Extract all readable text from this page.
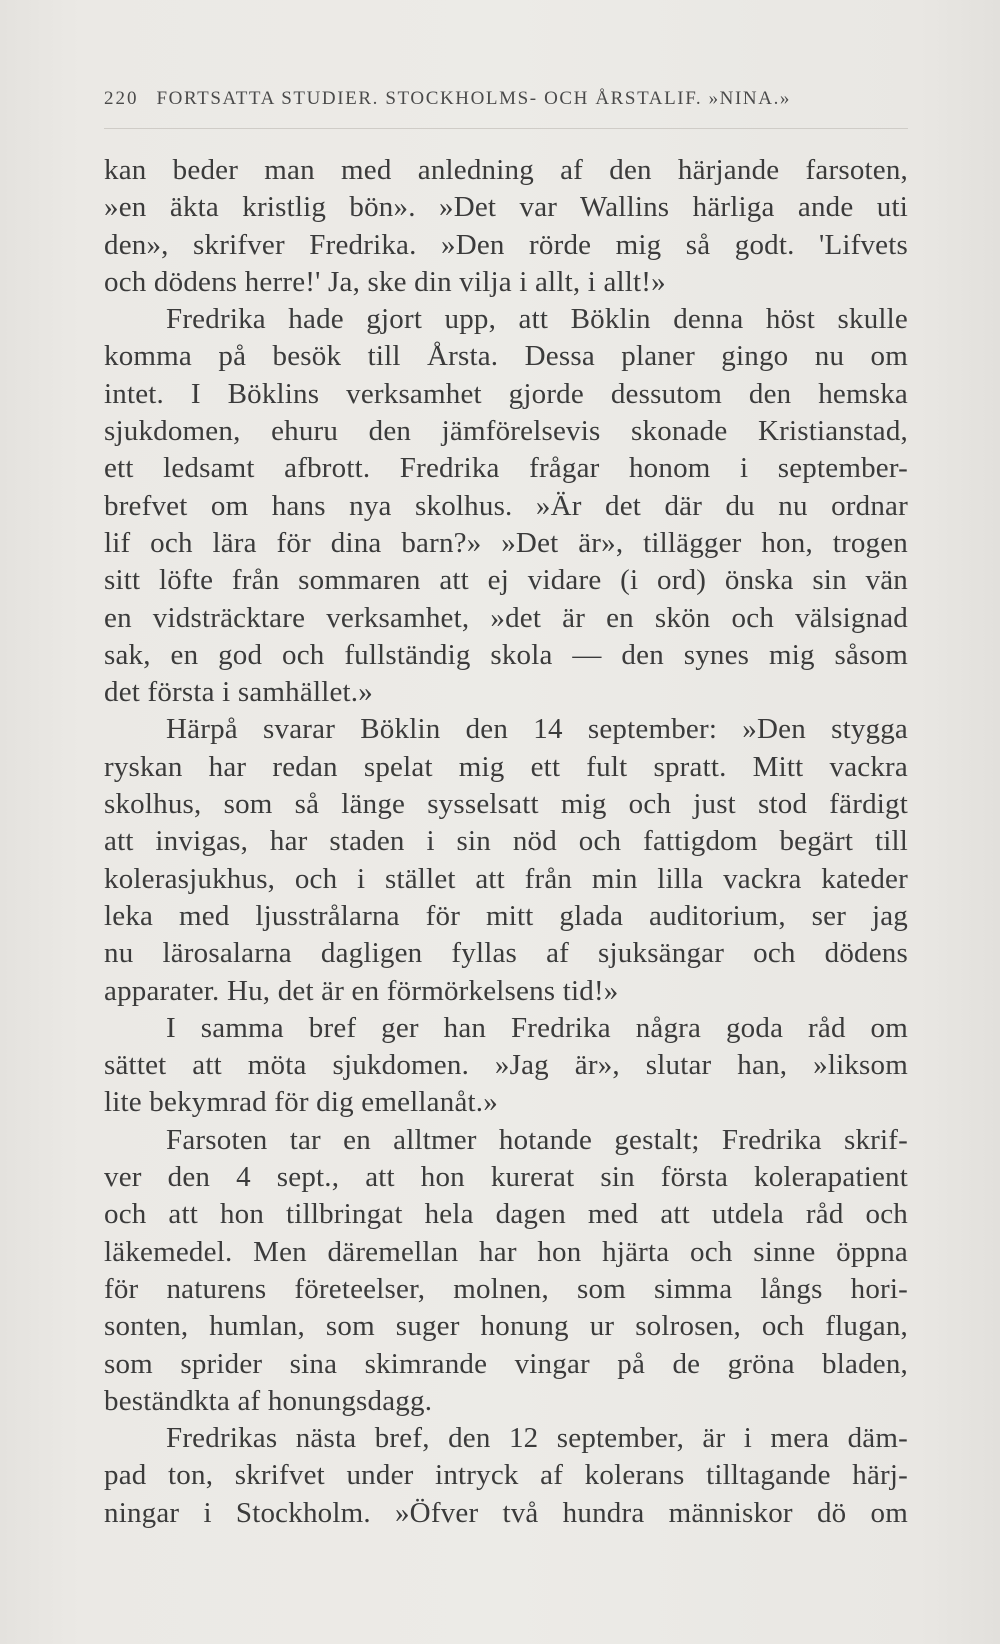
220 FORTSATTA STUDIER. STOCKHOLMS- OCH ÅRSTALIF. »NINA.»
kan beder man med anledning af den härjande farsoten,
»en äkta kristlig bön». »Det var Wallins härliga ande uti
den», skrifver Fredrika. »Den rörde mig så godt. 'Lifvets
och dödens herre!' Ja, ske din vilja i allt, i allt!»
Fredrika hade gjort upp, att Böklin denna höst skulle
komma på besök till Årsta. Dessa planer gingo nu om
intet. I Böklins verksamhet gjorde dessutom den hemska
sjukdomen, ehuru den jämförelsevis skonade Kristianstad,
ett ledsamt afbrott. Fredrika frågar honom i september-
brefvet om hans nya skolhus. »Är det där du nu ordnar
lif och lära för dina barn?» »Det är», tillägger hon, trogen
sitt löfte från sommaren att ej vidare (i ord) önska sin vän
en vidsträcktare verksamhet, »det är en skön och välsignad
sak, en god och fullständig skola — den synes mig såsom
det första i samhället.»
Härpå svarar Böklin den 14 september: »Den stygga
ryskan har redan spelat mig ett fult spratt. Mitt vackra
skolhus, som så länge sysselsatt mig och just stod färdigt
att invigas, har staden i sin nöd och fattigdom begärt till
kolerasjukhus, och i stället att från min lilla vackra kateder
leka med ljusstrålarna för mitt glada auditorium, ser jag
nu lärosalarna dagligen fyllas af sjuksängar och dödens
apparater. Hu, det är en förmörkelsens tid!»
I samma bref ger han Fredrika några goda råd om
sättet att möta sjukdomen. »Jag är», slutar han, »liksom
lite bekymrad för dig emellanåt.»
Farsoten tar en alltmer hotande gestalt; Fredrika skrif-
ver den 4 sept., att hon kurerat sin första kolerapatient
och att hon tillbringat hela dagen med att utdela råd och
läkemedel. Men däremellan har hon hjärta och sinne öppna
för naturens företeelser, molnen, som simma långs hori-
sonten, humlan, som suger honung ur solrosen, och flugan,
som sprider sina skimrande vingar på de gröna bladen,
beständkta af honungsdagg.
Fredrikas nästa bref, den 12 september, är i mera däm-
pad ton, skrifvet under intryck af kolerans tilltagande härj-
ningar i Stockholm. »Öfver två hundra människor dö om
